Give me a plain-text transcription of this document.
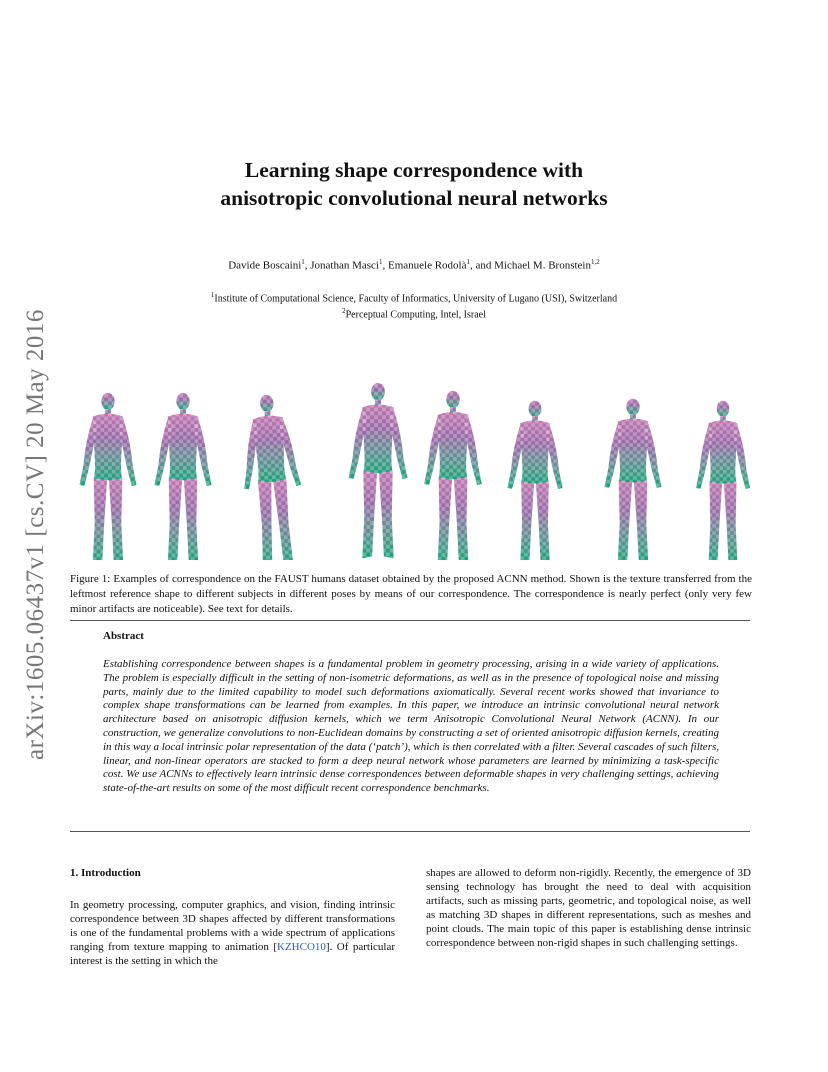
arXiv:1605.06437v1 [cs.CV] 20 May 2016
Learning shape correspondence with
anisotropic convolutional neural networks
Davide Boscaini$^1$, Jonathan Masci$^1$, Emanuele Rodolà$^1$, and Michael M. Bronstein$^{1,2}$
$^1$Institute of Computational Science, Faculty of Informatics, University of Lugano (USI), Switzerland
$^2$Perceptual Computing, Intel, Israel
Figure 1: Examples of correspondence on the FAUST humans dataset obtained by the proposed ACNN method. Shown is the texture transferred from the leftmost reference shape to different subjects in different poses by means of our correspondence. The correspondence is nearly perfect (only very few minor artifacts are noticeable). See text for details.
Abstract
Establishing correspondence between shapes is a fundamental problem in geometry processing, arising in a wide variety of applications. The problem is especially difficult in the setting of non-isometric deformations, as well as in the presence of topological noise and missing parts, mainly due to the limited capability to model such deformations axiomatically. Several recent works showed that invariance to complex shape transformations can be learned from examples. In this paper, we introduce an intrinsic convolutional neural network architecture based on anisotropic diffusion kernels, which we term Anisotropic Convolutional Neural Network (ACNN). In our construction, we generalize convolutions to non-Euclidean domains by constructing a set of oriented anisotropic diffusion kernels, creating in this way a local intrinsic polar representation of the data (‘patch’), which is then correlated with a filter. Several cascades of such filters, linear, and non-linear operators are stacked to form a deep neural network whose parameters are learned by minimizing a task-specific cost. We use ACNNs to effectively learn intrinsic dense correspondences between deformable shapes in very challenging settings, achieving state-of-the-art results on some of the most difficult recent correspondence benchmarks.
1. Introduction
In geometry processing, computer graphics, and vision, finding intrinsic correspondence between 3D shapes affected by different transformations is one of the fundamental problems with a wide spectrum of applications ranging from texture mapping to animation [KZHCO10]. Of particular interest is the setting in which the
shapes are allowed to deform non-rigidly. Recently, the emergence of 3D sensing technology has brought the need to deal with acquisition artifacts, such as missing parts, geometric, and topological noise, as well as matching 3D shapes in different representations, such as meshes and point clouds. The main topic of this paper is establishing dense intrinsic correspondence between non-rigid shapes in such challenging settings.
